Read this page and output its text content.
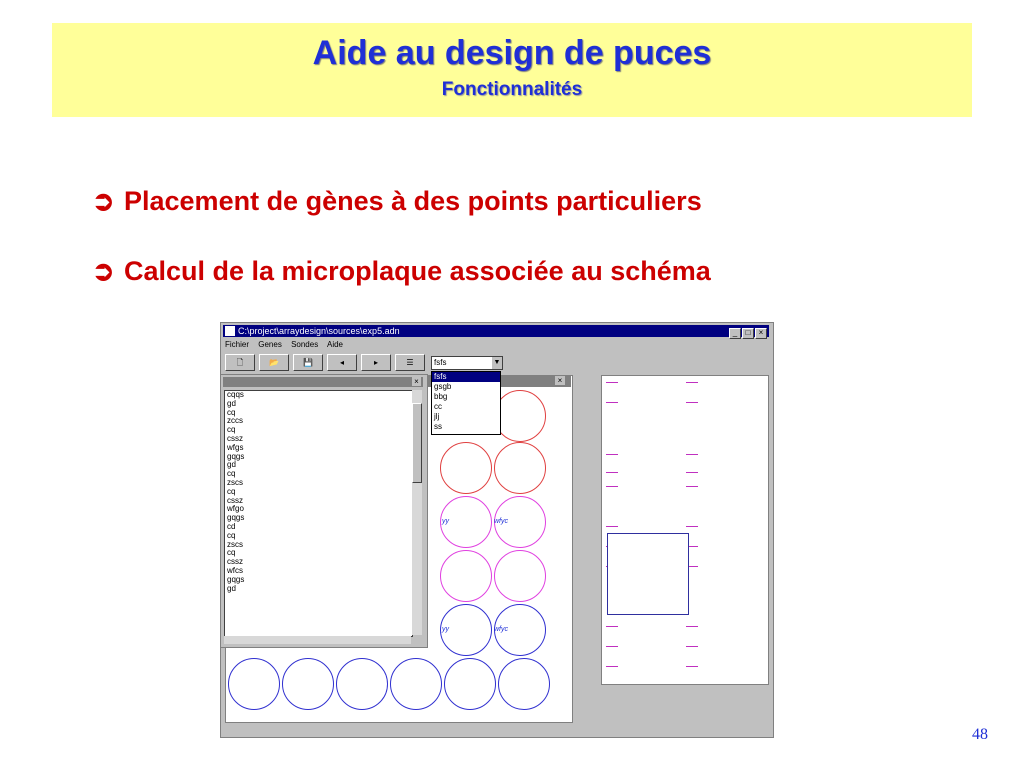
Aide au design de puces
Fonctionnalités
➲ Placement de gènes à des points particuliers
➲ Calcul de la microplaque associée au schéma
C:\project\arraydesign\sources\exp5.adn	_ □ ×
Fichier Genes Sondes Aide
🗋	📂	💾	◂	▸	☰	fsfs	▼
fsfs
gsgb
bbg
cc
jlj
ss
yy	wfyc
yy	wfyc
×
×
cqqs
gd
cq
zccs
cq
cssz
wfgs
gqgs
gd
cq
zscs
cq
cssz
wfgo
gqgs
cd
cq
zscs
cq
cssz
wfcs
gqgs
gd
48
